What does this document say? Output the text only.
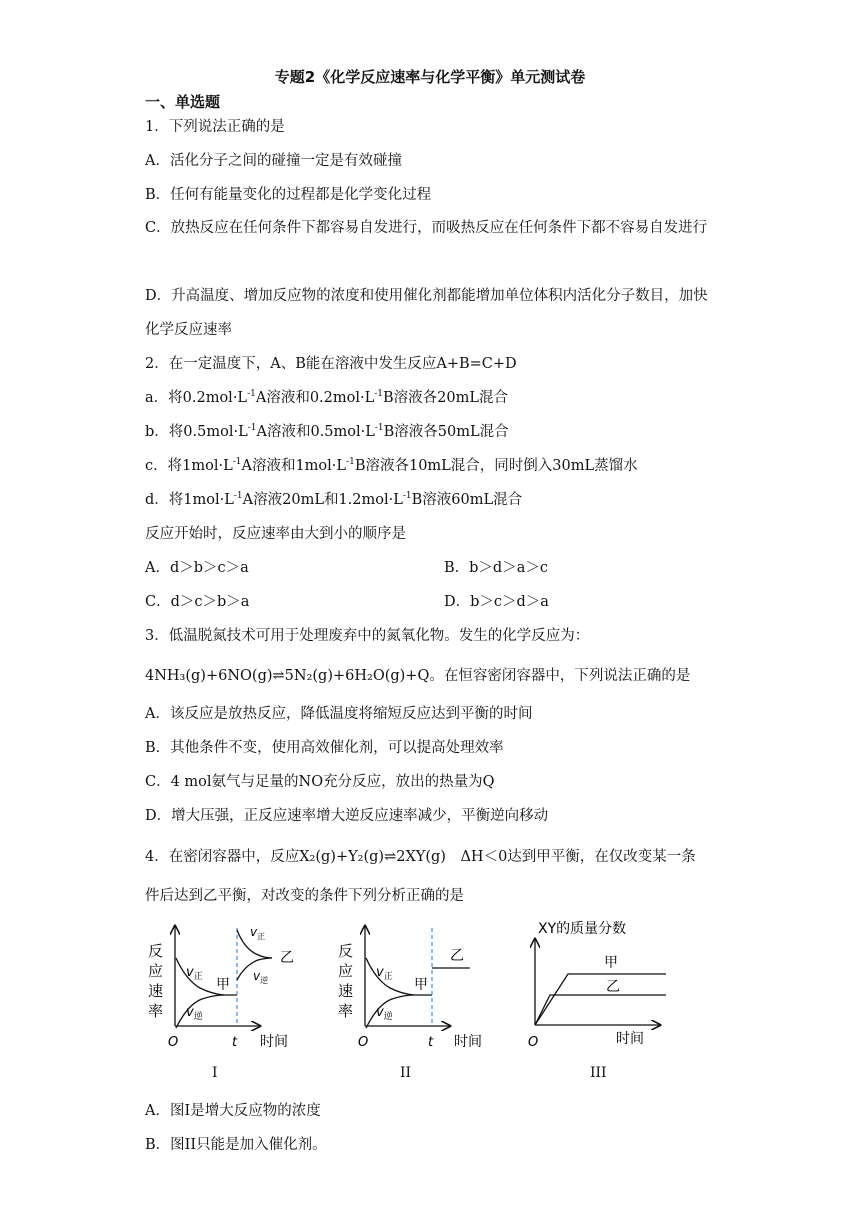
专题2《化学反应速率与化学平衡》单元测试卷
一、单选题
1．下列说法正确的是
A．活化分子之间的碰撞一定是有效碰撞
B．任何有能量变化的过程都是化学变化过程
C．放热反应在任何条件下都容易自发进行，而吸热反应在任何条件下都不容易自发进行
D．升高温度、增加反应物的浓度和使用催化剂都能增加单位体积内活化分子数目，加快化学反应速率
2．在一定温度下，A、B能在溶液中发生反应A+B=C+D
a．将$0.2mol\cdot L^{-1}A$溶液和$0.2mol\cdot L^{-1}B$溶液各20mL混合
b．将$0.5mol\cdot L^{-1}A$溶液和$0.5mol\cdot L^{-1}B$溶液各50mL混合
c．将$1mol\cdot L^{-1}A$溶液和$1mol\cdot L^{-1}B$溶液各10mL混合，同时倒入30mL蒸馏水
d．将$1mol\cdot L^{-1}A$溶液20mL和$1.2mol\cdot L^{-1}B$溶液60mL混合
反应开始时，反应速率由大到小的顺序是
A．d＞b＞c＞a	B．b＞d＞a＞c
C．d＞c＞b＞a	D．b＞c＞d＞a
3．低温脱氮技术可用于处理废弃中的氮氧化物。发生的化学反应为：
4NH₃(g)+6NO(g)⇌5N₂(g)+6H₂O(g)+Q。在恒容密闭容器中，下列说法正确的是
A．该反应是放热反应，降低温度将缩短反应达到平衡的时间
B．其他条件不变，使用高效催化剂，可以提高处理效率
C．4 mol氨气与足量的NO充分反应，放出的热量为Q
D．增大压强，正反应速率增大逆反应速率减少，平衡逆向移动
4．在密闭容器中，反应X₂(g)+Y₂(g)⇌2XY(g)　ΔH＜0达到甲平衡，在仅改变某一条
件后达到乙平衡，对改变的条件下列分析正确的是
反
应
速
率
$v_正$
$v_逆$
甲
$v_正$
$v_逆$
乙
O	t 时间
I
反
应
速
率
$v_正$
$v_逆$
甲
乙
O	t 时间
II
XY的质量分数
甲
乙
O	时间
III
A．图I是增大反应物的浓度
B．图II只能是加入催化剂。
